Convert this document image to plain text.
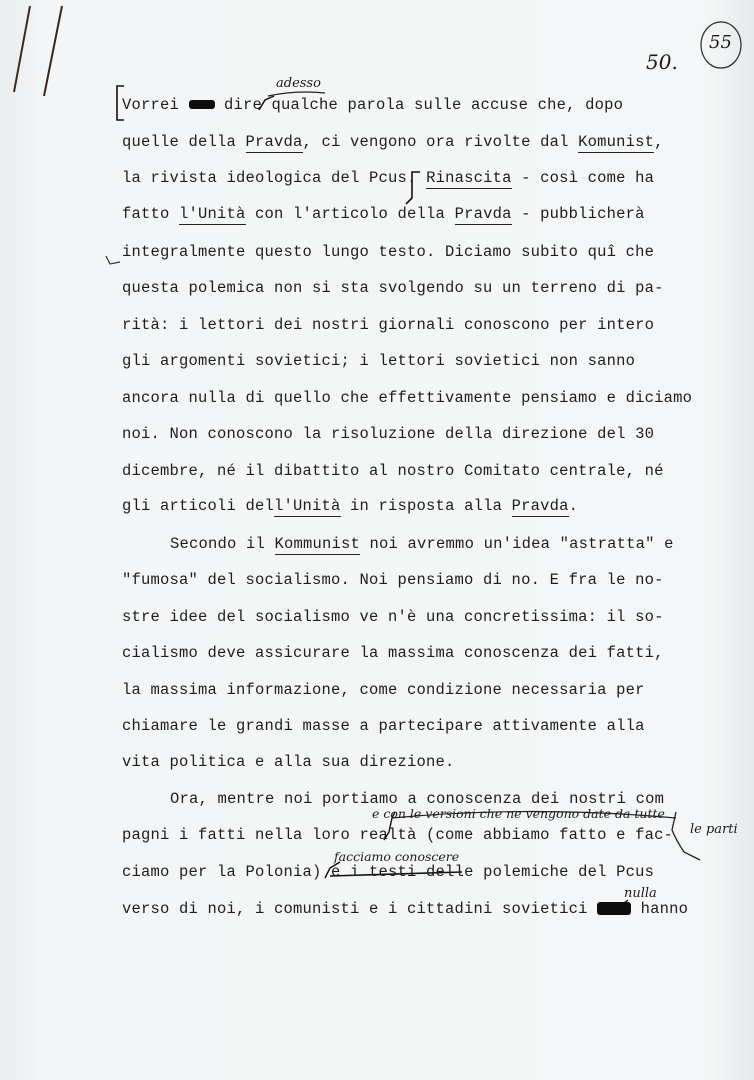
50.
55
adesso
e con le versioni che ne vengono date da tutte
le parti
facciamo conoscere
nulla
Vorrei  dire qualche parola sulle accuse che, dopo
quelle della Pravda, ci vengono ora rivolte dal Komunist,
la rivista ideologica del Pcus. Rinascita - così come ha
fatto l'Unità con l'articolo della Pravda - pubblicherà
integralmente questo lungo testo. Diciamo subito quî che
questa polemica non si sta svolgendo su un terreno di pa-
rità: i lettori dei nostri giornali conoscono per intero
gli argomenti sovietici; i lettori sovietici non sanno
ancora nulla di quello che effettivamente pensiamo e diciamo
noi. Non conoscono la risoluzione della direzione del 30
dicembre, né il dibattito al nostro Comitato centrale, né
gli articoli dell'Unità in risposta alla Pravda.
Secondo il Kommunist noi avremmo un'idea "astratta" e
"fumosa" del socialismo. Noi pensiamo di no. E fra le no-
stre idee del socialismo ve n'è una concretissima: il so-
cialismo deve assicurare la massima conoscenza dei fatti,
la massima informazione, come condizione necessaria per
chiamare le grandi masse a partecipare attivamente alla
vita politica e alla sua direzione.
Ora, mentre noi portiamo a conoscenza dei nostri com
pagni i fatti nella loro realtà (come abbiamo fatto e fac-
ciamo per la Polonia) e i testi delle polemiche del Pcus
verso di noi, i comunisti e i cittadini sovietici  hanno
